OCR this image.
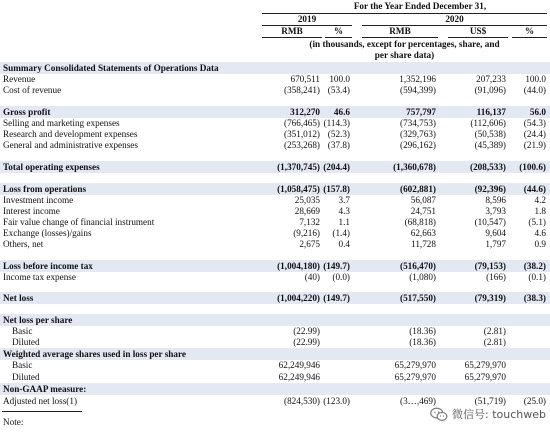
For the Year Ended December 31,
2019	2020
RMB	%	RMB	US$	%
(in thousands, except for percentages, share, and
per share data)
Summary Consolidated Statements of Operations Data
Revenue	670,511 100.0	1,352,196	207,233 100.0
Cost of revenue	(358,241) (53.4)	(594,399)	(91,096) (44.0)
Gross profit	312,270 46.6	757,797	116,137	56.0
Selling and marketing expenses	(766,465) (114.3)	(734,753)	(112,606) (54.3)
Research and development expenses	(351,012) (52.3)	(329,763)	(50,538) (24.4)
General and administrative expenses	(253,268) (37.8)	(296,162)	(45,389) (21.9)
Total operating expenses	(1,370,745) (204.4)	(1,360,678)	(208,533) (100.6)
Loss from operations	(1,058,475) (157.8)	(602,881)	(92,396) (44.6)
Investment income	25,035 3.7	56,087	8,596	4.2
Interest income	28,669 4.3	24,751	3,793	1.8
Fair value change of financial instrument	7,132 1.1	(68,818)	(10,547) (5.1)
Exchange (losses)/gains	(9,216) (1.4)	62,663	9,604	4.6
Others, net	2,675 0.4	11,728	1,797	0.9
Loss before income tax	(1,004,180) (149.7)	(516,470)	(79,153) (38.2)
Income tax expense	(40) (0.0)	(1,080)	(166) (0.1)
Net loss	(1,004,220) (149.7)	(517,550)	(79,319) (38.3)
Net loss per share
Basic	(22.99)	(18.36)	(2.81)
Diluted	(22.99)	(18.36)	(2.81)
Weighted average shares used in loss per share
Basic	62,249,946	65,279,970	65,279,970
Diluted	62,249,946	65,279,970	65,279,970
Non-GAAP measure:
Adjusted net loss(1)	(824,530) (123.0)	(3…,469)	(51,719) (25.0)
Note:
微信号: touchweb
